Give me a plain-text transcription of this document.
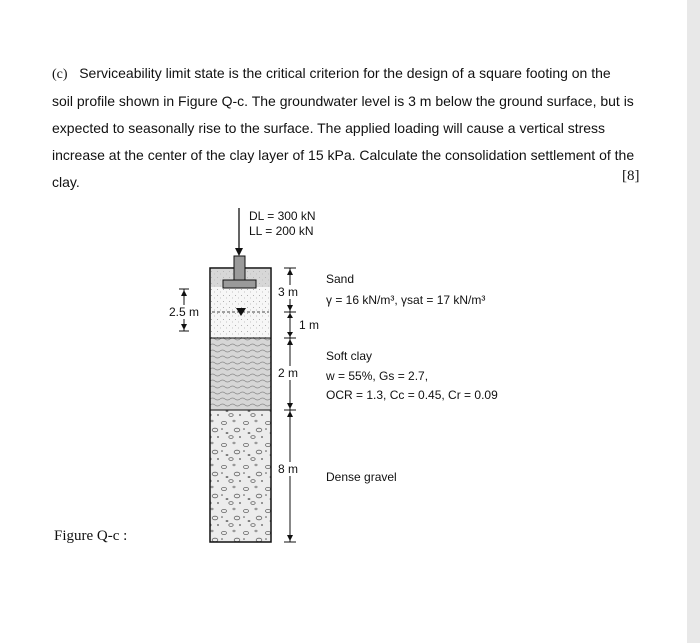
(c) Serviceability limit state is the critical criterion for the design of a square footing on the
soil profile shown in Figure Q-c. The groundwater level is 3 m below the ground surface, but is
expected to seasonally rise to the surface. The applied loading will cause a vertical stress
increase at the center of the clay layer of 15 kPa. Calculate the consolidation settlement of the
clay.	[8]
Figure Q-c :
DL = 300 kN
LL = 200 kN
2.5 m
3 m
1 m
2 m
8 m
Sand
γ = 16 kN/m³, γsat = 17 kN/m³
Soft clay
w = 55%, Gs = 2.7,
OCR = 1.3, Cc = 0.45, Cr = 0.09
Dense gravel
